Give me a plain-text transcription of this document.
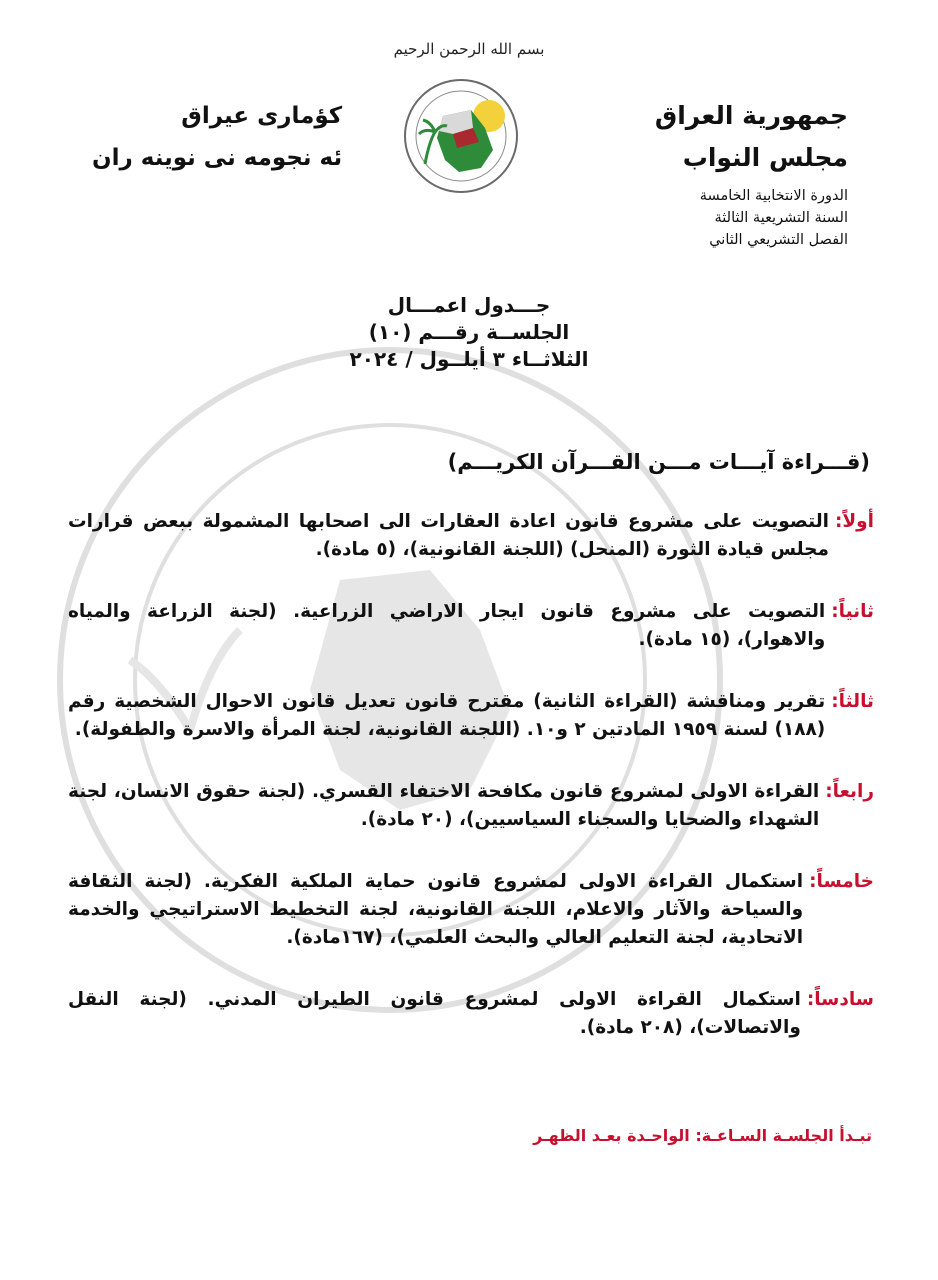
بسم الله الرحمن الرحيم
جمهورية العراق
مجلس النواب
الدورة الانتخابية الخامسة
السنة التشريعية الثالثة
الفصل التشريعي الثاني
كؤمارى عيراق
ئه نجومه نى نوينه ران
جـــدول اعمـــال
الجلســة رقـــم (١٠)
الثلاثــاء ٣ أيلــول / ٢٠٢٤
(قـــراءة آيـــات مـــن القـــرآن الكريـــم)
أولاً:
التصويت على مشروع قانون اعادة العقارات الى اصحابها المشمولة ببعض قرارات مجلس قيادة الثورة (المنحل) (اللجنة القانونية)، (٥ مادة).
ثانياً:
التصويت على مشروع قانون ايجار الاراضي الزراعية. (لجنة الزراعة والمياه والاهوار)، (١٥ مادة).
ثالثاً:
تقرير ومناقشة (القراءة الثانية) مقترح قانون تعديل قانون الاحوال الشخصية رقم (١٨٨) لسنة ١٩٥٩ المادتين ٢ و١٠. (اللجنة القانونية، لجنة المرأة والاسرة والطفولة).
رابعاً:
القراءة الاولى لمشروع قانون مكافحة الاختفاء القسري. (لجنة حقوق الانسان، لجنة الشهداء والضحايا والسجناء السياسيين)، (٢٠ مادة).
خامساً:
استكمال القراءة الاولى لمشروع قانون حماية الملكية الفكرية. (لجنة الثقافة والسياحة والآثار والاعلام، اللجنة القانونية، لجنة التخطيط الاستراتيجي والخدمة الاتحادية، لجنة التعليم العالي والبحث العلمي)، (١٦٧مادة).
سادساً:
استكمال القراءة الاولى لمشروع قانون الطيران المدني. (لجنة النقل والاتصالات)، (٢٠٨ مادة).
تبـدأ الجلسـة السـاعـة: الواحـدة بعـد الظهـر
